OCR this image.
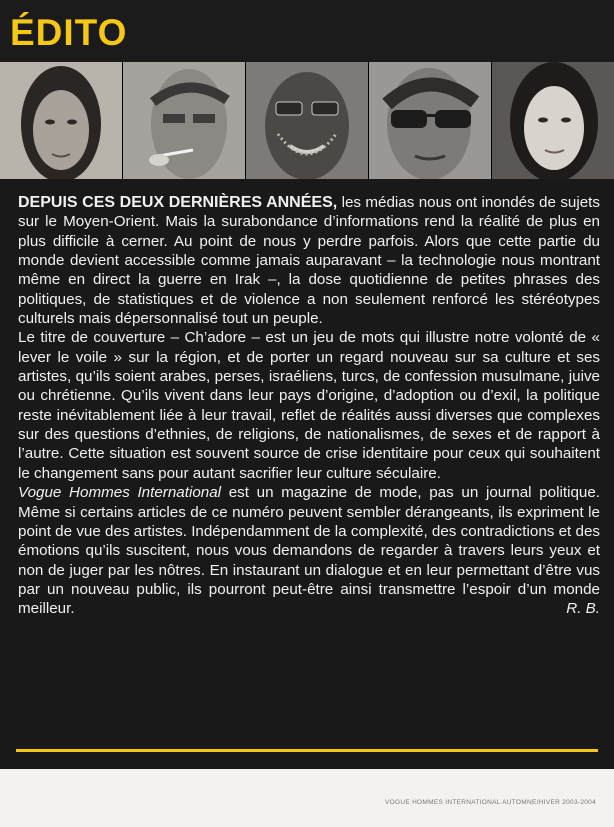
ÉDITO

DEPUIS CES DEUX DERNIÈRES ANNÉES, les médias nous ont inondés de sujets sur le Moyen-Orient. Mais la surabondance d’informations rend la réalité de plus en plus difficile à cerner. Au point de nous y perdre parfois. Alors que cette partie du monde devient accessible comme jamais auparavant – la technologie nous montrant même en direct la guerre en Irak –, la dose quotidienne de petites phrases des politiques, de statistiques et de violence a non seulement renforcé les stéréotypes culturels mais dépersonnalisé tout un peuple.

Le titre de couverture – Ch’adore – est un jeu de mots qui illustre notre volonté de « lever le voile » sur la région, et de porter un regard nouveau sur sa culture et ses artistes, qu’ils soient arabes, perses, israéliens, turcs, de confession musulmane, juive ou chrétienne. Qu’ils vivent dans leur pays d’origine, d’adoption ou d’exil, la politique reste inévitablement liée à leur travail, reflet de réalités aussi diverses que complexes sur des questions d’ethnies, de religions, de nationalismes, de sexes et de rapport à l’autre. Cette situation est souvent source de crise identitaire pour ceux qui souhaitent le changement sans pour autant sacrifier leur culture séculaire.

Vogue Hommes International est un magazine de mode, pas un journal politique. Même si certains articles de ce numéro peuvent sembler dérangeants, ils expriment le point de vue des artistes. Indépendamment de la complexité, des contradictions et des émotions qu’ils suscitent, nous vous demandons de regarder à travers leurs yeux et non de juger par les nôtres. En instaurant un dialogue et en leur permettant d’être vus par un nouveau public, ils pourront peut-être ainsi transmettre l’espoir d’un monde meilleur.	R. B.

VOGUE HOMMES INTERNATIONAL AUTOMNE/HIVER 2003-2004
